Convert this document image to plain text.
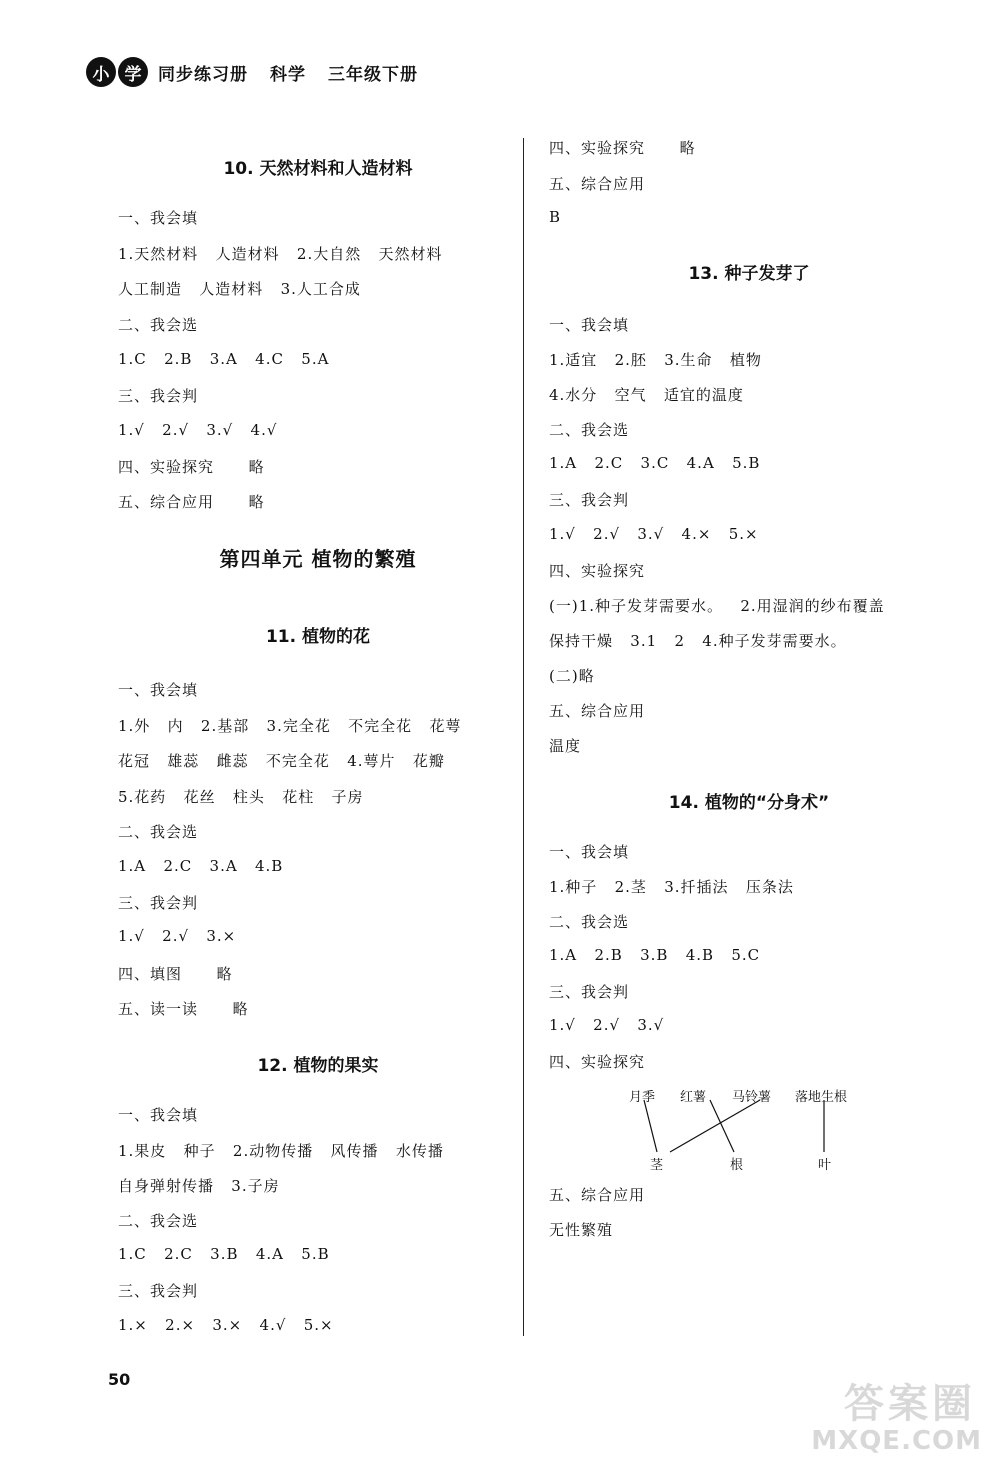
小 学 同步练习册 科学 三年级下册
10. 天然材料和人造材料
一、我会填
1.天然材料   人造材料   2.大自然   天然材料
人工制造   人造材料   3.人工合成
二、我会选
1.C   2.B   3.A   4.C   5.A
三、我会判
1.√   2.√   3.√   4.√
四、实验探究      略
五、综合应用      略
第四单元 植物的繁殖
11. 植物的花
一、我会填
1.外   内   2.基部   3.完全花   不完全花   花萼
花冠   雄蕊   雌蕊   不完全花   4.萼片   花瓣
5.花药   花丝   柱头   花柱   子房
二、我会选
1.A   2.C   3.A   4.B
三、我会判
1.√   2.√   3.×
四、填图      略
五、读一读      略
12. 植物的果实
一、我会填
1.果皮   种子   2.动物传播   风传播   水传播
自身弹射传播   3.子房
二、我会选
1.C   2.C   3.B   4.A   5.B
三、我会判
1.×   2.×   3.×   4.√   5.×
四、实验探究      略
五、综合应用
B
13. 种子发芽了
一、我会填
1.适宜   2.胚   3.生命   植物
4.水分   空气   适宜的温度
二、我会选
1.A   2.C   3.C   4.A   5.B
三、我会判
1.√   2.√   3.√   4.×   5.×
四、实验探究
(一)1.种子发芽需要水。   2.用湿润的纱布覆盖
保持干燥   3.1   2   4.种子发芽需要水。
(二)略
五、综合应用
温度
14. 植物的“分身术”
一、我会填
1.种子   2.茎   3.扦插法   压条法
二、我会选
1.A   2.B   3.B   4.B   5.C
三、我会判
1.√   2.√   3.√
四、实验探究
月季 红薯 马铃薯 落地生根
茎	根	叶
五、综合应用
无性繁殖
50
答案圈
MXQE.COM
